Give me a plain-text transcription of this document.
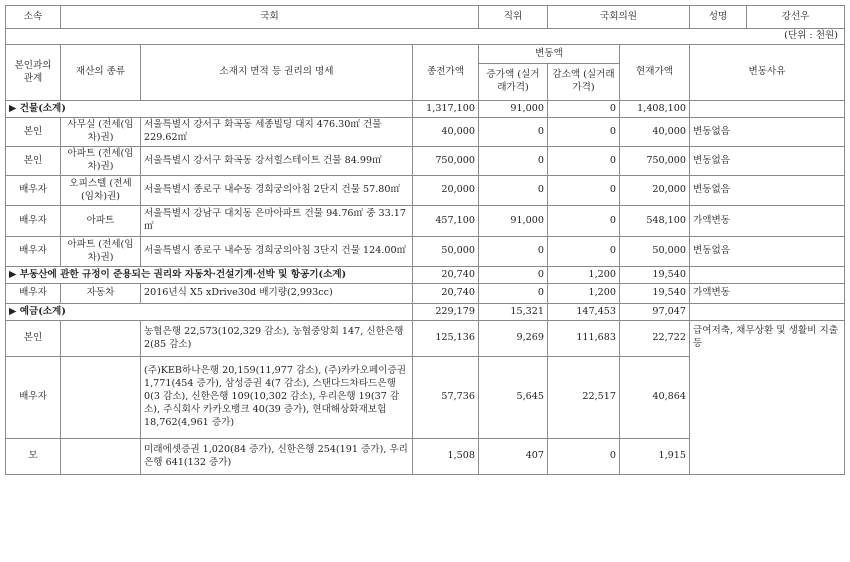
소속	국회			직위	국회의원		성명 강선우

(단위 : 천원)							
본인과의 관계	재산의 종류	소재지 면적 등 권리의 명세	종전가액	변동액		현재가액	변동사유

				증가액 (실거래가격)	감소액 (실거래가격)		
▶ 건물(소계)			1,317,100	91,000	0	1,408,100	
본인	사무실 (전세(임차)권)	서울특별시 강서구 화곡동 세종빌딩 대지 476.30㎡ 건물 229.62㎡	40,000	0	0	40,000	변동없음
본인	아파트 (전세(임차)권)	서울특별시 강서구 화곡동 강서힐스테이트 건물 84.99㎡	750,000	0	0	750,000	변동없음
배우자	오피스텔 (전세(임차)권)	서울특별시 종로구 내수동 경희궁의아침 2단지 건물 57.80㎡	20,000	0	0	20,000	변동없음
배우자	아파트	서울특별시 강남구 대치동 은마아파트 건물 94.76㎡ 중 33.17㎡	457,100	91,000	0	548,100	가액변동
배우자	아파트 (전세(임차)권)	서울특별시 종로구 내수동 경희궁의아침 3단지 건물 124.00㎡	50,000	0	0	50,000	변동없음
▶ 부동산에 관한 규정이 준용되는 권리와 자동차·건설기계·선박 및 항공기(소계)			20,740	0	1,200	19,540	
배우자	자동차	2016년식 X5 xDrive30d 배기량(2,993cc)	20,740	0	1,200	19,540	가액변동
▶ 예금(소계)			229,179	15,321	147,453	97,047	
본인		농협은행 22,573(102,329 감소), 농협중앙회 147, 신한은행 2(85 감소)	125,136	9,269	111,683	22,722	급여저축, 채무상환 및 생활비 지출 등
배우자		(주)KEB하나은행 20,159(11,977 감소), (주)카카오페이증권 1,771(454 증가), 삼성증권 4(7 감소), 스탠다드차타드은행 0(3 감소), 신한은행 109(10,302 감소), 우리은행 19(37 감소), 주식회사 카카오뱅크 40(39 증가), 현대해상화재보험 18,762(4,961 증가)	57,736	5,645	22,517	40,864	
모		미래에셋증권 1,020(84 증가), 신한은행 254(191 증가), 우리은행 641(132 증가)	1,508	407	0	1,915	
